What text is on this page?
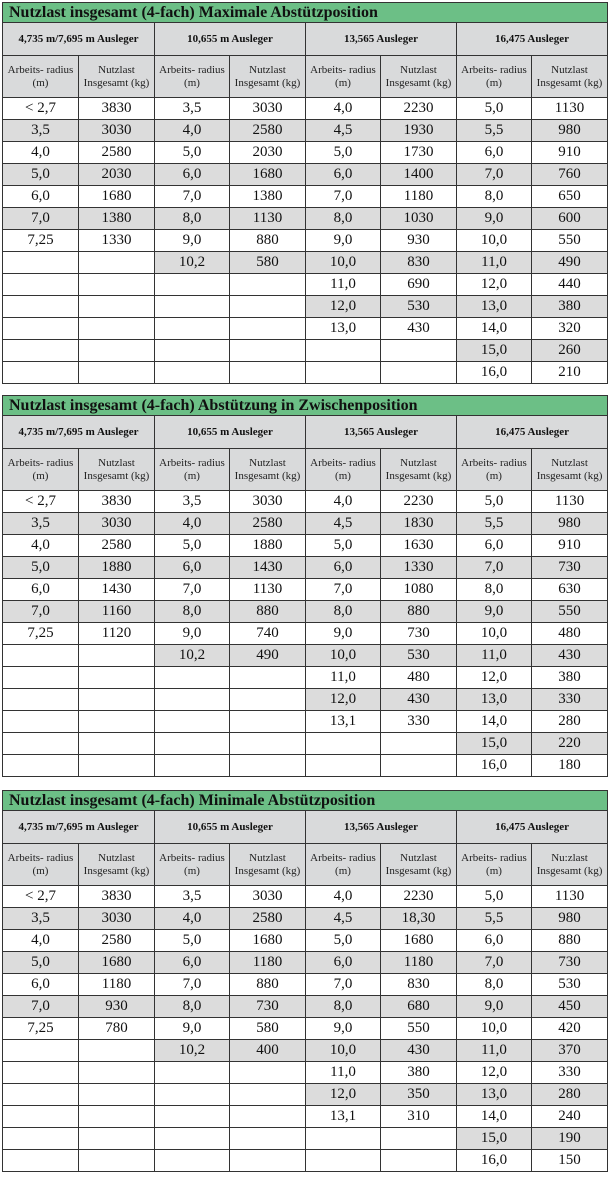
Nutzlast insgesamt (4-fach) Maximale Abstützposition							
4,735 m/7,695 m Ausleger		10,655 m Ausleger		13,565 Ausleger		16,475 Ausleger	
Arbeits- radius (m)	Nutzlast Insgesamt (kg)	Arbeits- radius (m)	Nutzlast Insgesamt (kg)	Arbeits- radius (m)	Nutzlast Insgesamt (kg)	Arbeits- radius (m)	Nutzlast Insgesamt (kg)
< 2,7	3830	3,5	3030	4,0	2230	5,0	1130
3,5	3030	4,0	2580	4,5	1930	5,5	980
4,0	2580	5,0	2030	5,0	1730	6,0	910
5,0	2030	6,0	1680	6,0	1400	7,0	760
6,0	1680	7,0	1380	7,0	1180	8,0	650
7,0	1380	8,0	1130	8,0	1030	9,0	600
7,25	1330	9,0	880	9,0	930	10,0	550
		10,2	580	10,0	830	11,0	490
				11,0	690	12,0	440
				12,0	530	13,0	380
				13,0	430	14,0	320
						15,0	260
						16,0	210
Nutzlast insgesamt (4-fach) Abstützung in Zwischenposition							
4,735 m/7,695 m Ausleger		10,655 m Ausleger		13,565 Ausleger		16,475 Ausleger	
Arbeits- radius (m)	Nutzlast Insgesamt (kg)	Arbeits- radius (m)	Nutzlast Insgesamt (kg)	Arbeits- radius (m)	Nutzlast Insgesamt (kg)	Arbeits- radius (m)	Nutzlast Insgesamt (kg)
< 2,7	3830	3,5	3030	4,0	2230	5,0	1130
3,5	3030	4,0	2580	4,5	1830	5,5	980
4,0	2580	5,0	1880	5,0	1630	6,0	910
5,0	1880	6,0	1430	6,0	1330	7,0	730
6,0	1430	7,0	1130	7,0	1080	8,0	630
7,0	1160	8,0	880	8,0	880	9,0	550
7,25	1120	9,0	740	9,0	730	10,0	480
		10,2	490	10,0	530	11,0	430
				11,0	480	12,0	380
				12,0	430	13,0	330
				13,1	330	14,0	280
						15,0	220
						16,0	180
Nutzlast insgesamt (4-fach) Minimale Abstützposition							
4,735 m/7,695 m Ausleger		10,655 m Ausleger		13,565 Ausleger		16,475 Ausleger	
Arbeits- radius (m)	Nutzlast Insgesamt (kg)	Arbeits- radius (m)	Nutzlast Insgesamt (kg)	Arbeits- radius (m)	Nutzlast Insgesamt (kg)	Arbeits- radius (m)	Nu:zlast Insgesamt (kg)
< 2,7	3830	3,5	3030	4,0	2230	5,0	1130
3,5	3030	4,0	2580	4,5	18,30	5,5	980
4,0	2580	5,0	1680	5,0	1680	6,0	880
5,0	1680	6,0	1180	6,0	1180	7,0	730
6,0	1180	7,0	880	7,0	830	8,0	530
7,0	930	8,0	730	8,0	680	9,0	450
7,25	780	9,0	580	9,0	550	10,0	420
		10,2	400	10,0	430	11,0	370
				11,0	380	12,0	330
				12,0	350	13,0	280
				13,1	310	14,0	240
						15,0	190
						16,0	150
